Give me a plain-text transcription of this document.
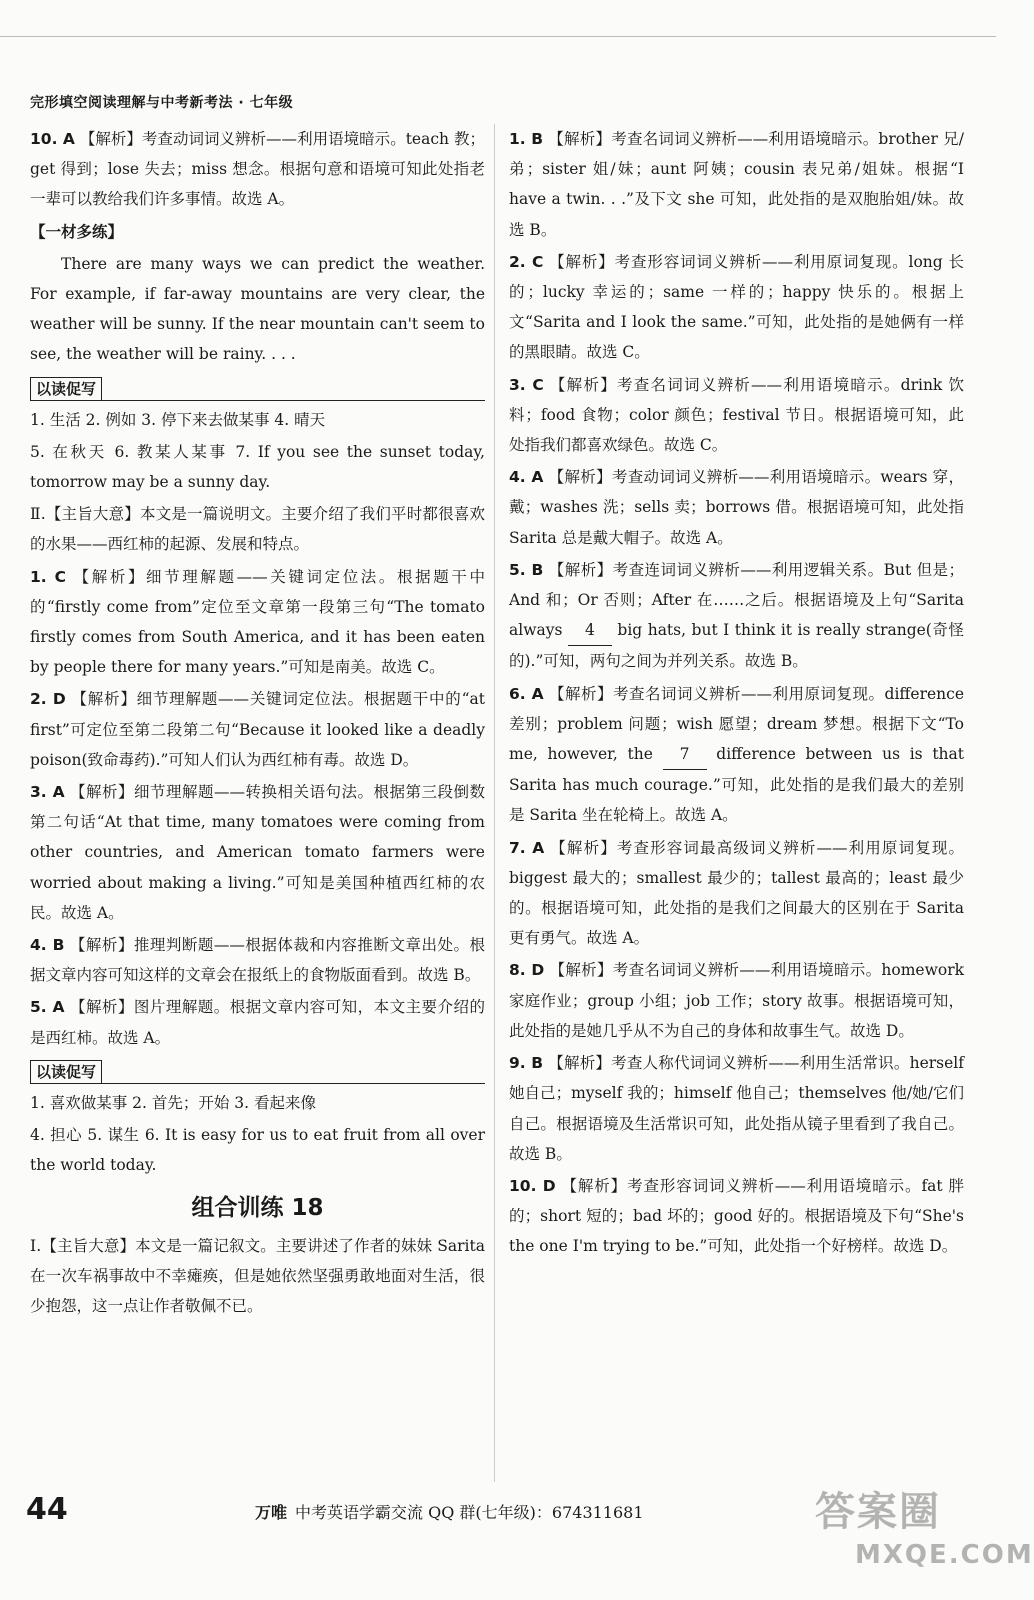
完形填空阅读理解与中考新考法 · 七年级

10. A 【解析】考查动词词义辨析——利用语境暗示。teach 教；get 得到；lose 失去；miss 想念。根据句意和语境可知此处指老一辈可以教给我们许多事情。故选 A。

【一材多练】

There are many ways we can predict the weather. For example, if far-away mountains are very clear, the weather will be sunny. If the near mountain can't seem to see, the weather will be rainy. . . .

以读促写

1. 生活 2. 例如 3. 停下来去做某事 4. 晴天

5. 在秋天 6. 教某人某事 7. If you see the sunset today, tomorrow may be a sunny day.

Ⅱ.【主旨大意】本文是一篇说明文。主要介绍了我们平时都很喜欢的水果——西红柿的起源、发展和特点。

1. C 【解析】细节理解题——关键词定位法。根据题干中的“firstly come from”定位至文章第一段第三句“The tomato firstly comes from South America, and it has been eaten by people there for many years.”可知是南美。故选 C。

2. D 【解析】细节理解题——关键词定位法。根据题干中的“at first”可定位至第二段第二句“Because it looked like a deadly poison(致命毒药).”可知人们认为西红柿有毒。故选 D。

3. A 【解析】细节理解题——转换相关语句法。根据第三段倒数第二句话“At that time, many tomatoes were coming from other countries, and American tomato farmers were worried about making a living.”可知是美国种植西红柿的农民。故选 A。

4. B 【解析】推理判断题——根据体裁和内容推断文章出处。根据文章内容可知这样的文章会在报纸上的食物版面看到。故选 B。

5. A 【解析】图片理解题。根据文章内容可知，本文主要介绍的是西红柿。故选 A。

以读促写

1. 喜欢做某事 2. 首先；开始 3. 看起来像

4. 担心 5. 谋生 6. It is easy for us to eat fruit from all over the world today.

组合训练 18

Ⅰ.【主旨大意】本文是一篇记叙文。主要讲述了作者的妹妹 Sarita 在一次车祸事故中不幸瘫痪，但是她依然坚强勇敢地面对生活，很少抱怨，这一点让作者敬佩不已。

1. B 【解析】考查名词词义辨析——利用语境暗示。brother 兄/弟；sister 姐/妹；aunt 阿姨；cousin 表兄弟/姐妹。根据“I have a twin. . .”及下文 she 可知，此处指的是双胞胎姐/妹。故选 B。

2. C 【解析】考查形容词词义辨析——利用原词复现。long 长的；lucky 幸运的；same 一样的；happy 快乐的。根据上文“Sarita and I look the same.”可知，此处指的是她俩有一样的黑眼睛。故选 C。

3. C 【解析】考查名词词义辨析——利用语境暗示。drink 饮料；food 食物；color 颜色；festival 节日。根据语境可知，此处指我们都喜欢绿色。故选 C。

4. A 【解析】考查动词词义辨析——利用语境暗示。wears 穿，戴；washes 洗；sells 卖；borrows 借。根据语境可知，此处指 Sarita 总是戴大帽子。故选 A。

5. B 【解析】考查连词词义辨析——利用逻辑关系。But 但是；And 和；Or 否则；After 在……之后。根据语境及上句“Sarita always 4 big hats, but I think it is really strange(奇怪的).”可知，两句之间为并列关系。故选 B。

6. A 【解析】考查名词词义辨析——利用原词复现。difference 差别；problem 问题；wish 愿望；dream 梦想。根据下文“To me, however, the 7 difference between us is that Sarita has much courage.”可知，此处指的是我们最大的差别是 Sarita 坐在轮椅上。故选 A。

7. A 【解析】考查形容词最高级词义辨析——利用原词复现。biggest 最大的；smallest 最少的；tallest 最高的；least 最少的。根据语境可知，此处指的是我们之间最大的区别在于 Sarita 更有勇气。故选 A。

8. D 【解析】考查名词词义辨析——利用语境暗示。homework 家庭作业；group 小组；job 工作；story 故事。根据语境可知，此处指的是她几乎从不为自己的身体和故事生气。故选 D。

9. B 【解析】考查人称代词词义辨析——利用生活常识。herself 她自己；myself 我的；himself 他自己；themselves 他/她/它们自己。根据语境及生活常识可知，此处指从镜子里看到了我自己。故选 B。

10. D 【解析】考查形容词词义辨析——利用语境暗示。fat 胖的；short 短的；bad 坏的；good 好的。根据语境及下句“She's the one I'm trying to be.”可知，此处指一个好榜样。故选 D。

44	万唯 中考英语学霸交流 QQ 群(七年级)：674311681	答案圈
MXQE.COM
